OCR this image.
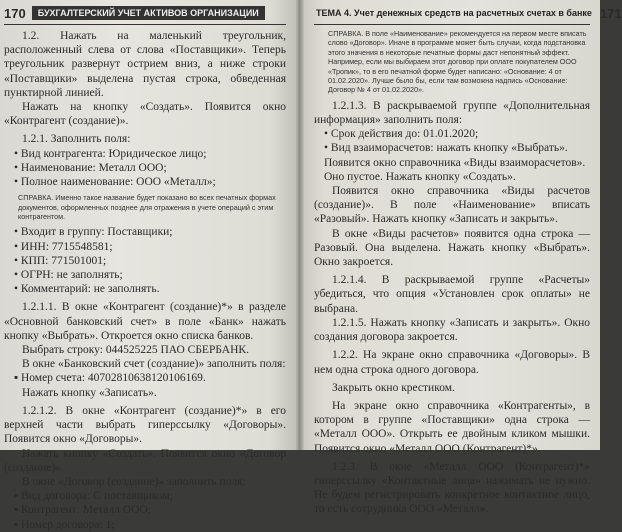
170	БУХГАЛТЕРСКИЙ УЧЕТ АКТИВОВ ОРГАНИЗАЦИИ

1.2. Нажать на маленький треугольник, расположенный слева от слова «Поставщики». Теперь треугольник развернут острием вниз, а ниже строки «Поставщики» выделена пустая строка, обведенная пунктирной линией.

Нажать на кнопку «Создать». Появится окно «Контрагент (создание)».

1.2.1. Заполнить поля:

• Вид контрагента: Юридическое лицо;
• Наименование: Металл ООО;
• Полное наименование: ООО «Металл»;
СПРАВКА. Именно такое название будет показано во всех печатных формах документов, оформленных позднее для отражения в учете операций с этим контрагентом.
• Входит в группу: Поставщики;
• ИНН: 7715548581;
• КПП: 771501001;
• ОГРН: не заполнять;
• Комментарий: не заполнять.

1.2.1.1. В окне «Контрагент (создание)*» в разделе «Основной банковский счет» в поле «Банк» нажать кнопку «Выбрать». Откроется окно списка банков.

Выбрать строку: 044525225 ПАО СБЕРБАНК.

В окне «Банковский счет (создание)» заполнить поля:

▪ Номер счета: 40702810638120106169.

Нажать кнопку «Записать».

1.2.1.2. В окне «Контрагент (создание)*» в его верхней части выбрать гиперссылку «Договоры». Появится окно «Договоры».

Нажать кнопку «Создать». Появится окно «Договор (создание)».

В окне «Договор (создание)» заполнить поля:

▪ Вид договора: С поставщиком;
▪ Контрагент: Металл ООО;
▪ Номер договора: 1;
ТЕМА 4. Учет денежных средств на расчетных счетах в банке 171
СПРАВКА. В поле «Наименование» рекомендуется на первом месте вписать слово «Договор». Иначе в программе может быть случаи, когда подстановка этого значения в некоторые печатные формы даст непонятный эффект. Например, если мы выбираем этот договор при оплате покупателем ООО «Тропик», то в его печатной форме будет написано: «Основание: 4 от 01.02.2020». Лучше было бы, если там возможна надпись «Основание: Договор № 4 от 01.02.2020».

1.2.1.3. В раскрываемой группе «Дополнительная информация» заполнить поля:

• Срок действия до: 01.01.2020;
• Вид взаиморасчетов: нажать кнопку «Выбрать». Появится окно справочника «Виды взаиморасчетов». Оно пустое. Нажать кнопку «Создать».

Появится окно справочника «Виды расчетов (создание)». В поле «Наименование» вписать «Разовый». Нажать кнопку «Записать и закрыть».

В окне «Виды расчетов» появится одна строка — Разовый. Она выделена. Нажать кнопку «Выбрать». Окно закроется.

1.2.1.4. В раскрываемой группе «Расчеты» убедиться, что опция «Установлен срок оплаты» не выбрана.

1.2.1.5. Нажать кнопку «Записать и закрыть». Окно создания договора закроется.

1.2.2. На экране окно справочника «Договоры». В нем одна строка одного договора.

Закрыть окно крестиком.

На экране окно справочника «Контрагенты», в котором в группе «Поставщики» одна строка — «Металл ООО». Открыть ее двойным кликом мышки. Появится окно «Металл ООО (Контрагент)*».

1.2.3. В окне «Металл ООО (Контрагент)*» гиперссылку «Контактные лица» нажимать не нужно. Не будем регистрировать конкретное контактное лицо, то есть сотрудника ООО «Металл».
